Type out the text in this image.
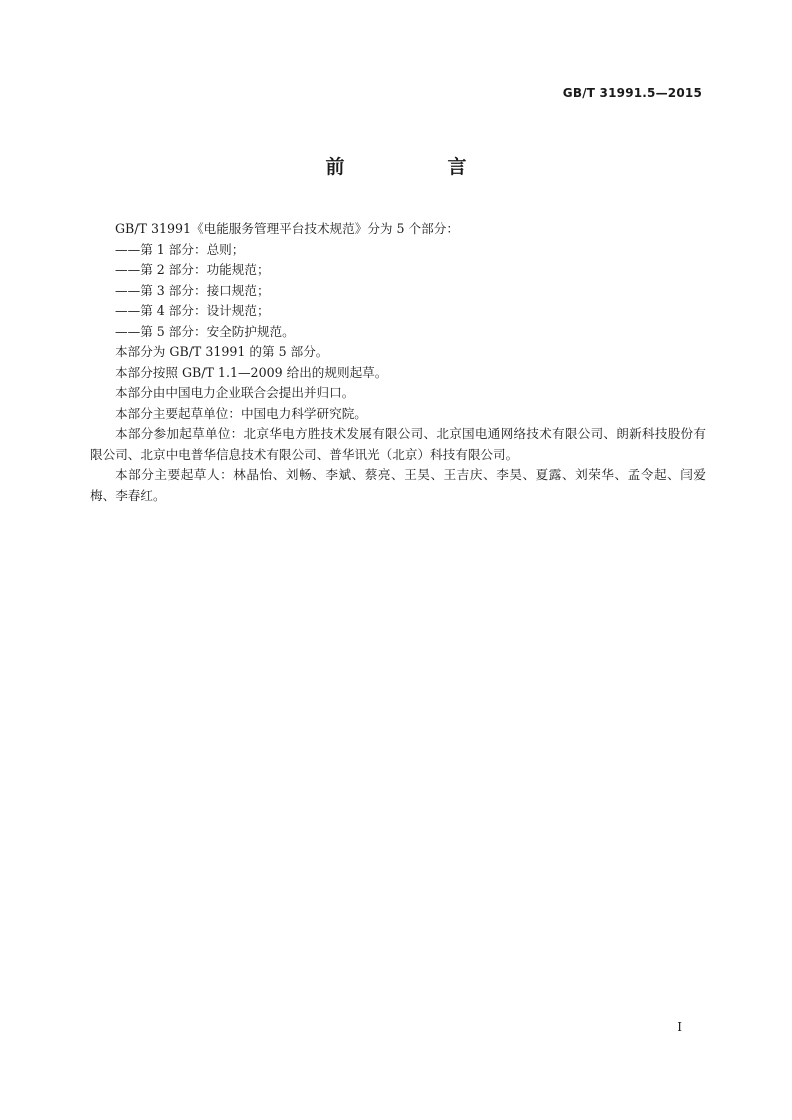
GB/T 31991.5—2015
前　言

GB/T 31991《电能服务管理平台技术规范》分为 5 个部分：

——第 1 部分：总则；

——第 2 部分：功能规范；

——第 3 部分：接口规范；

——第 4 部分：设计规范；

——第 5 部分：安全防护规范。

本部分为 GB/T 31991 的第 5 部分。

本部分按照 GB/T 1.1—2009 给出的规则起草。

本部分由中国电力企业联合会提出并归口。

本部分主要起草单位：中国电力科学研究院。

本部分参加起草单位：北京华电方胜技术发展有限公司、北京国电通网络技术有限公司、朗新科技股份有限公司、北京中电普华信息技术有限公司、普华讯光（北京）科技有限公司。

本部分主要起草人：林晶怡、刘畅、李斌、蔡亮、王昊、王吉庆、李昊、夏露、刘荣华、孟令起、闫爱梅、李春红。

I
